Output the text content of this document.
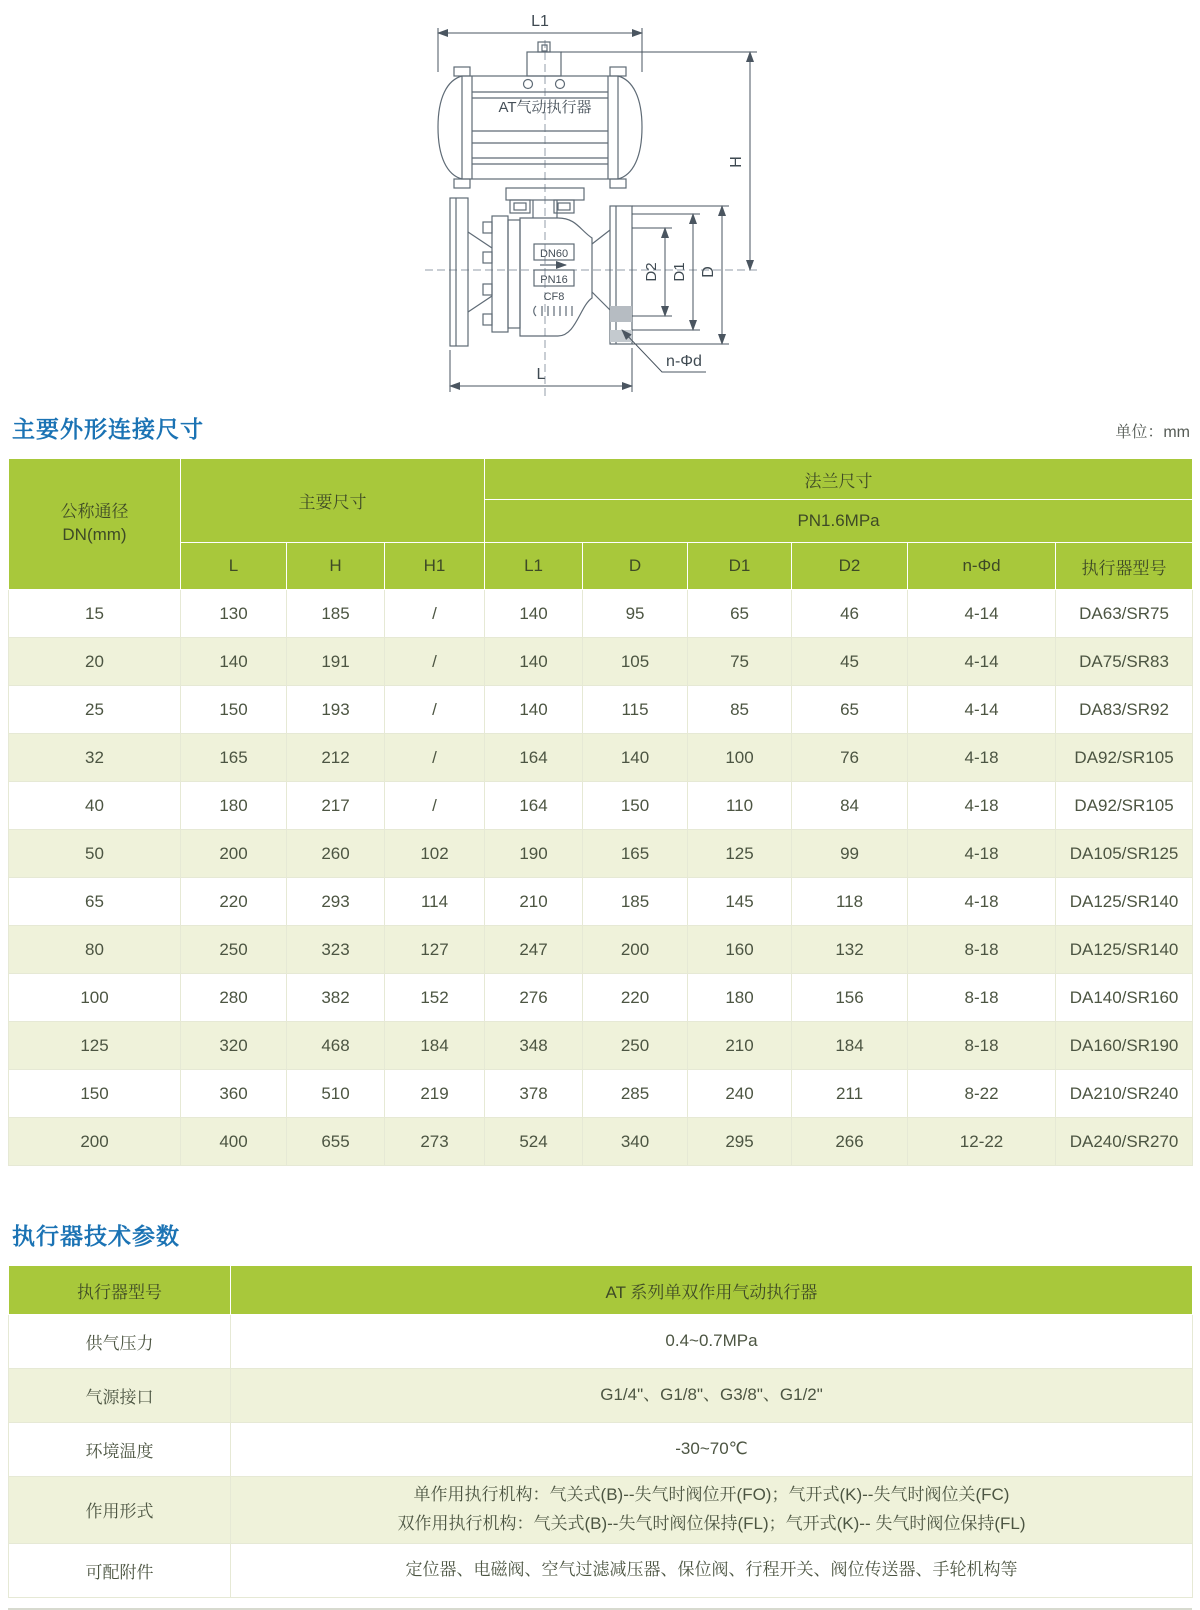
AT气动执行器
DN60
PN16
CF8
L1
H
D2 D1 D
L
n-Φd
主要外形连接尺寸	单位：mm
公称通径
DN(mm)	主要尺寸			法兰尺寸					
				PN1.6MPa					
	L	H	H1	L1	D	D1	D2	n-Φd	执行器型号
15	130	185	/	140	95	65	46	4-14	DA63/SR75
20	140	191	/	140	105	75	45	4-14	DA75/SR83
25	150	193	/	140	115	85	65	4-14	DA83/SR92
32	165	212	/	164	140	100	76	4-18	DA92/SR105
40	180	217	/	164	150	110	84	4-18	DA92/SR105
50	200	260	102	190	165	125	99	4-18	DA105/SR125
65	220	293	114	210	185	145	118	4-18	DA125/SR140
80	250	323	127	247	200	160	132	8-18	DA125/SR140
100	280	382	152	276	220	180	156	8-18	DA140/SR160
125	320	468	184	348	250	210	184	8-18	DA160/SR190
150	360	510	219	378	285	240	211	8-22	DA210/SR240
200	400	655	273	524	340	295	266	12-22	DA240/SR270
执行器技术参数
执行器型号	AT 系列单双作用气动执行器
供气压力	0.4~0.7MPa

气源接口	G1/4"、G1/8"、G3/8"、G1/2"

环境温度	-30~70℃

作用形式	单作用执行机构：气关式(B)--失气时阀位开(FO)；气开式(K)--失气时阀位关(FC)
双作用执行机构：气关式(B)--失气时阀位保持(FL)；气开式(K)-- 失气时阀位保持(FL)

可配附件	定位器、电磁阀、空气过滤减压器、保位阀、行程开关、阀位传送器、手轮机构等
